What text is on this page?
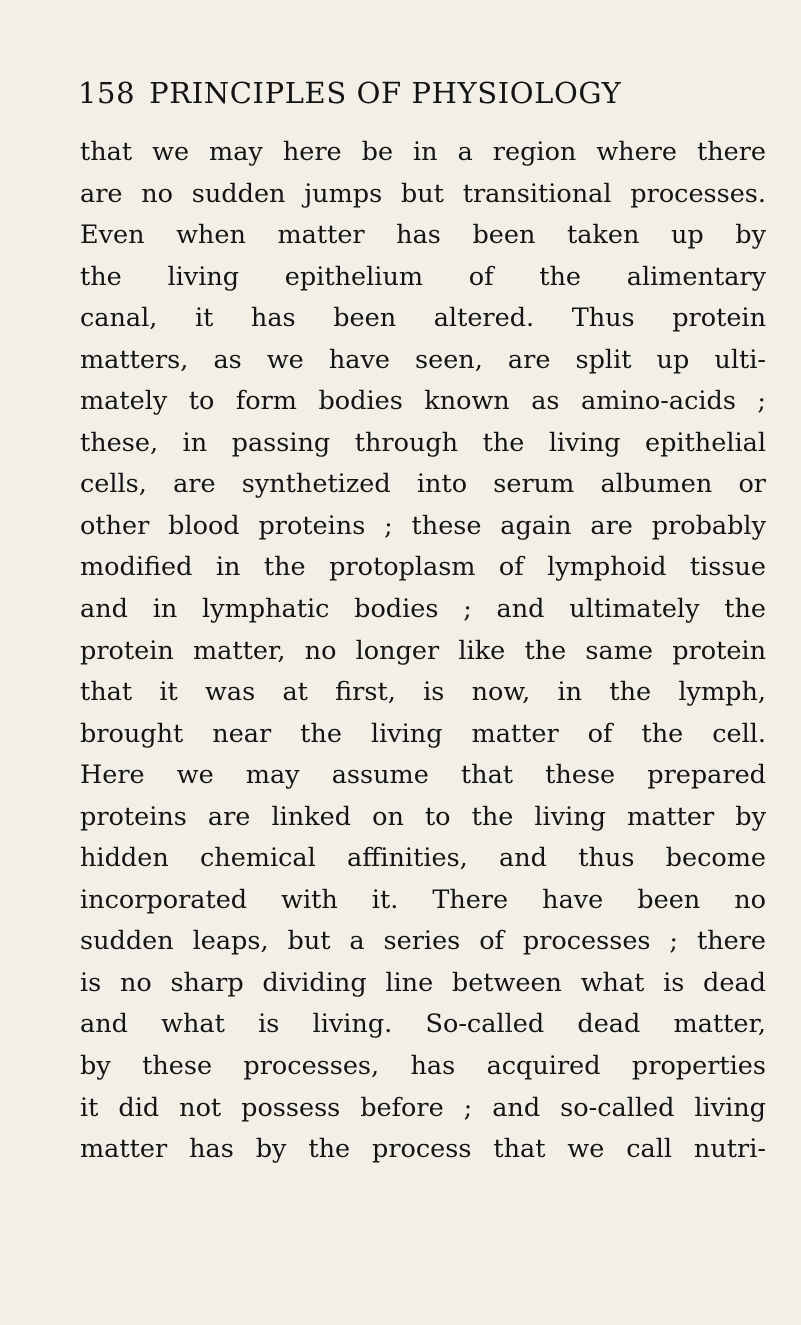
158 PRINCIPLES OF PHYSIOLOGY
that we may here be in a region where there
are no sudden jumps but transitional processes.
Even when matter has been taken up by
the living epithelium of the alimentary
canal, it has been altered. Thus protein
matters, as we have seen, are split up ulti-
mately to form bodies known as amino-acids ;
these, in passing through the living epithelial
cells, are synthetized into serum albumen or
other blood proteins ; these again are probably
modified in the protoplasm of lymphoid tissue
and in lymphatic bodies ; and ultimately the
protein matter, no longer like the same protein
that it was at first, is now, in the lymph,
brought near the living matter of the cell.
Here we may assume that these prepared
proteins are linked on to the living matter by
hidden chemical affinities, and thus become
incorporated with it. There have been no
sudden leaps, but a series of processes ; there
is no sharp dividing line between what is dead
and what is living. So-called dead matter,
by these processes, has acquired properties
it did not possess before ; and so-called living
matter has by the process that we call nutri-
